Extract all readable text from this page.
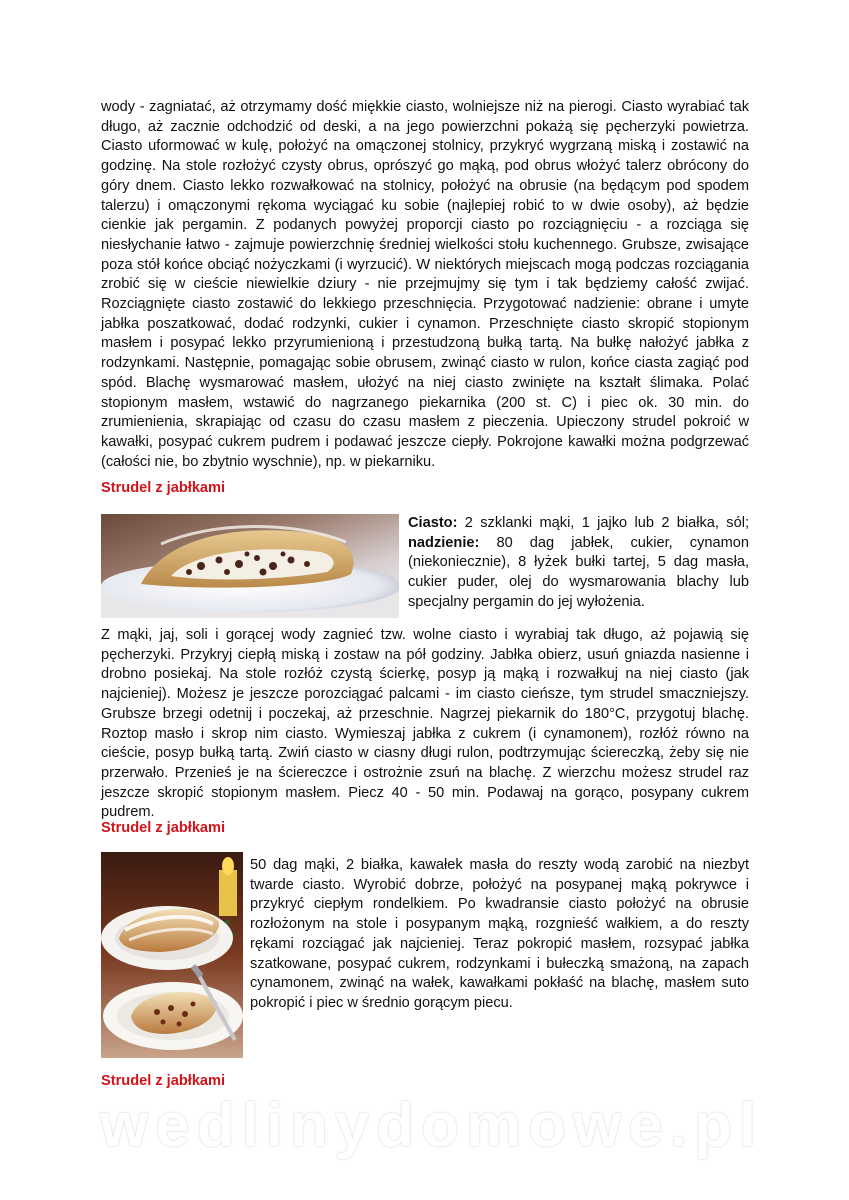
wody - zagniatać, aż otrzymamy dość miękkie ciasto, wolniejsze niż na pierogi. Ciasto wyrabiać tak długo, aż zacznie odchodzić od deski, a na jego powierzchni pokażą się pęcherzyki powietrza. Ciasto uformować w kulę, położyć na omączonej stolnicy, przykryć wygrzaną miską i zostawić na godzinę. Na stole rozłożyć czysty obrus, oprószyć go mąką, pod obrus włożyć talerz obrócony do góry dnem. Ciasto lekko rozwałkować na stolnicy, położyć na obrusie (na będącym pod spodem talerzu) i omączonymi rękoma wyciągać ku sobie (najlepiej robić to w dwie osoby), aż będzie cienkie jak pergamin. Z podanych powyżej proporcji ciasto po rozciągnięciu - a rozciąga się niesłychanie łatwo - zajmuje powierzchnię średniej wielkości stołu kuchennego. Grubsze, zwisające poza stół końce obciąć nożyczkami (i wyrzucić). W niektórych miejscach mogą podczas rozciągania zrobić się w cieście niewielkie dziury - nie przejmujmy się tym i tak będziemy całość zwijać. Rozciągnięte ciasto zostawić do lekkiego przeschnięcia. Przygotować nadzienie: obrane i umyte jabłka poszatkować, dodać rodzynki, cukier i cynamon. Przeschnięte ciasto skropić stopionym masłem i posypać lekko przyrumienioną i przestudzoną bułką tartą. Na bułkę nałożyć jabłka z rodzynkami. Następnie, pomagając sobie obrusem, zwinąć ciasto w rulon, końce ciasta zagiąć pod spód. Blachę wysmarować masłem, ułożyć na niej ciasto zwinięte na kształt ślimaka. Polać stopionym masłem, wstawić do nagrzanego piekarnika (200 st. C) i piec ok. 30 min. do zrumienienia, skrapiając od czasu do czasu masłem z pieczenia. Upieczony strudel pokroić w kawałki, posypać cukrem pudrem i podawać jeszcze ciepły. Pokrojone kawałki można podgrzewać (całości nie, bo zbytnio wyschnie), np. w piekarniku.

Strudel z jabłkami

Ciasto: 2 szklanki mąki, 1 jajko lub 2 białka, sól; nadzienie: 80 dag jabłek, cukier, cynamon (niekoniecznie), 8 łyżek bułki tartej, 5 dag masła, cukier puder, olej do wysmarowania blachy lub specjalny pergamin do jej wyłożenia.

Z mąki, jaj, soli i gorącej wody zagnieć tzw. wolne ciasto i wyrabiaj tak długo, aż pojawią się pęcherzyki. Przykryj ciepłą miską i zostaw na pół godziny. Jabłka obierz, usuń gniazda nasienne i drobno posiekaj. Na stole rozłóż czystą ścierkę, posyp ją mąką i rozwałkuj na niej ciasto (jak najcieniej). Możesz je jeszcze porozciągać palcami - im ciasto cieńsze, tym strudel smaczniejszy. Grubsze brzegi odetnij i poczekaj, aż przeschnie. Nagrzej piekarnik do 180°C, przygotuj blachę. Roztop masło i skrop nim ciasto. Wymieszaj jabłka z cukrem (i cynamonem), rozłóż równo na cieście, posyp bułką tartą. Zwiń ciasto w ciasny długi rulon, podtrzymując ściereczką, żeby się nie przerwało. Przenieś je na ściereczce i ostrożnie zsuń na blachę. Z wierzchu możesz strudel raz jeszcze skropić stopionym masłem. Piecz 40 - 50 min. Podawaj na gorąco, posypany cukrem pudrem.

Strudel z jabłkami

50 dag mąki, 2 białka, kawałek masła do reszty wodą zarobić na niezbyt twarde ciasto. Wyrobić dobrze, położyć na posypanej mąką pokrywce i przykryć ciepłym rondelkiem. Po kwadransie ciasto położyć na obrusie rozłożonym na stole i posypanym mąką, rozgnieść wałkiem, a do reszty rękami rozciągać jak najcieniej. Teraz pokropić masłem, rozsypać jabłka szatkowane, posypać cukrem, rodzynkami i bułeczką smażoną, na zapach cynamonem, zwinąć na wałek, kawałkami pokłaść na blachę, masłem suto pokropić i piec w średnio gorącym piecu.

Strudel z jabłkami

wedlinydomowe.pl
